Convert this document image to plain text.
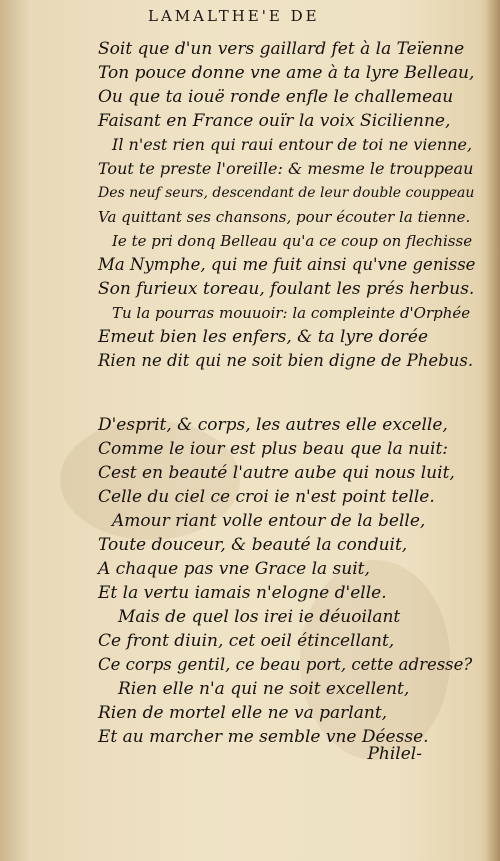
LAMALTHE'E DE
Soit que d'un vers gaillard fet à la Teïenne
Ton pouce donne vne ame à ta lyre Belleau,
Ou que ta iouë ronde enfle le challemeau
Faisant en France ouïr la voix Sicilienne,
Il n'est rien qui raui entour de toi ne vienne,
Tout te preste l'oreille: & mesme le trouppeau
Des neuf seurs, descendant de leur double couppeau
Va quittant ses chansons, pour écouter la tienne.
Ie te pri donq Belleau qu'a ce coup on flechisse
Ma Nymphe, qui me fuit ainsi qu'vne genisse
Son furieux toreau, foulant les prés herbus.
Tu la pourras mouuoir: la compleinte d'Orphée
Emeut bien les enfers, & ta lyre dorée
Rien ne dit qui ne soit bien digne de Phebus.
D'esprit, & corps, les autres elle excelle,
Comme le iour est plus beau que la nuit:
Cest en beauté l'autre aube qui nous luit,
Celle du ciel ce croi ie n'est point telle.
Amour riant volle entour de la belle,
Toute douceur, & beauté la conduit,
A chaque pas vne Grace la suit,
Et la vertu iamais n'elogne d'elle.
Mais de quel los irei ie déuoilant
Ce front diuin, cet oeil étincellant,
Ce corps gentil, ce beau port, cette adresse?
Rien elle n'a qui ne soit excellent,
Rien de mortel elle ne va parlant,
Et au marcher me semble vne Déesse.
Philel-
